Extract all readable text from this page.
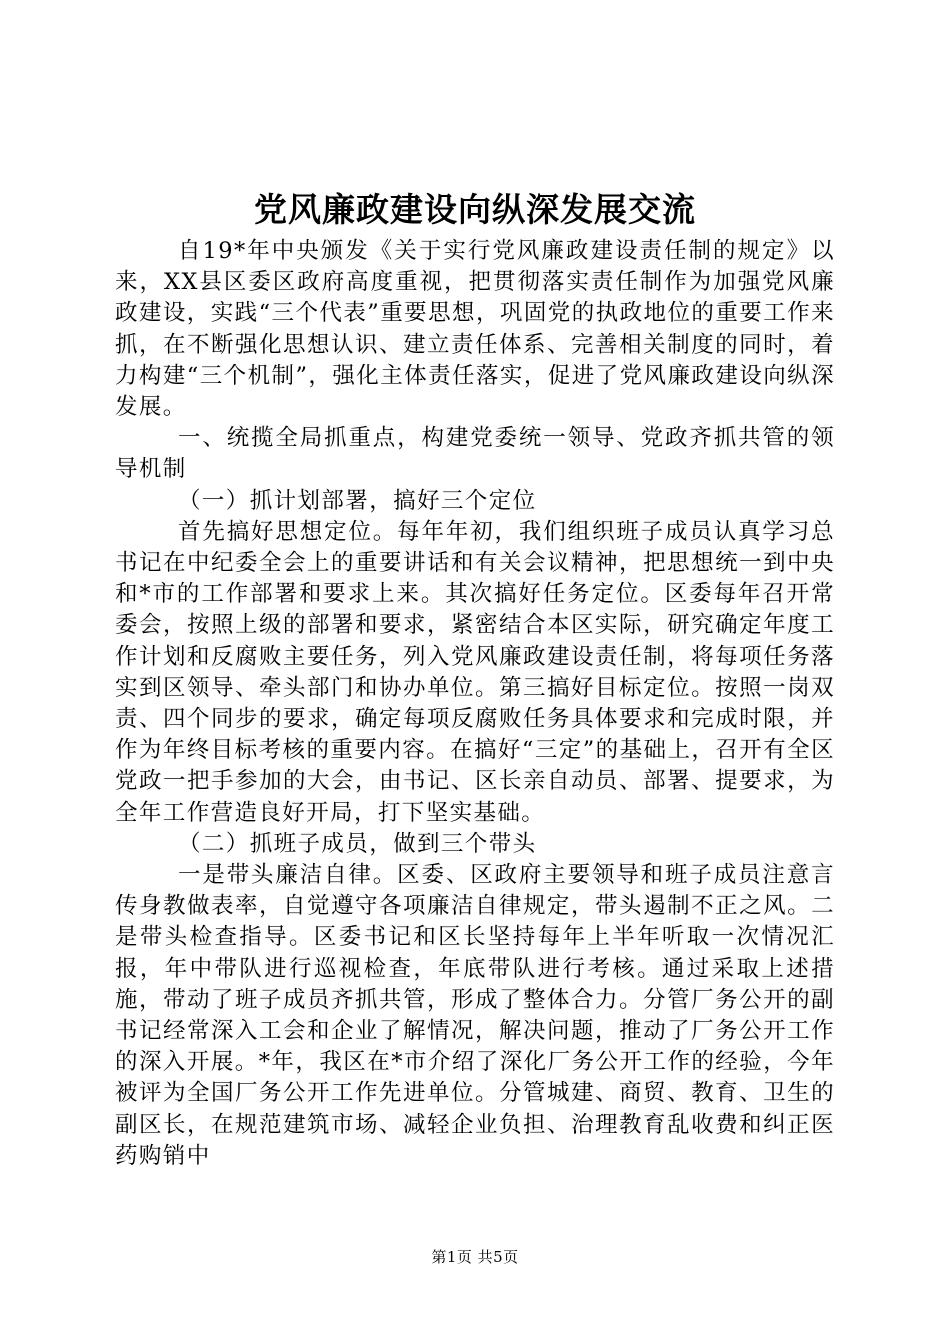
党风廉政建设向纵深发展交流

自19*年中央颁发《关于实行党风廉政建设责任制的规定》以来，XX县区委区政府高度重视，把贯彻落实责任制作为加强党风廉政建设，实践“三个代表”重要思想，巩固党的执政地位的重要工作来抓，在不断强化思想认识、建立责任体系、完善相关制度的同时，着力构建“三个机制”，强化主体责任落实，促进了党风廉政建设向纵深发展。

一、统揽全局抓重点，构建党委统一领导、党政齐抓共管的领导机制

（一）抓计划部署，搞好三个定位

首先搞好思想定位。每年年初，我们组织班子成员认真学习总书记在中纪委全会上的重要讲话和有关会议精神，把思想统一到中央和*市的工作部署和要求上来。其次搞好任务定位。区委每年召开常委会，按照上级的部署和要求，紧密结合本区实际，研究确定年度工作计划和反腐败主要任务，列入党风廉政建设责任制，将每项任务落实到区领导、牵头部门和协办单位。第三搞好目标定位。按照一岗双责、四个同步的要求，确定每项反腐败任务具体要求和完成时限，并作为年终目标考核的重要内容。在搞好“三定”的基础上，召开有全区党政一把手参加的大会，由书记、区长亲自动员、部署、提要求，为全年工作营造良好开局，打下坚实基础。

（二）抓班子成员，做到三个带头

一是带头廉洁自律。区委、区政府主要领导和班子成员注意言传身教做表率，自觉遵守各项廉洁自律规定，带头遏制不正之风。二是带头检查指导。区委书记和区长坚持每年上半年听取一次情况汇报，年中带队进行巡视检查，年底带队进行考核。通过采取上述措施，带动了班子成员齐抓共管，形成了整体合力。分管厂务公开的副书记经常深入工会和企业了解情况，解决问题，推动了厂务公开工作的深入开展。*年，我区在*市介绍了深化厂务公开工作的经验，今年被评为全国厂务公开工作先进单位。分管城建、商贸、教育、卫生的副区长，在规范建筑市场、减轻企业负担、治理教育乱收费和纠正医药购销中

第1页 共5页
